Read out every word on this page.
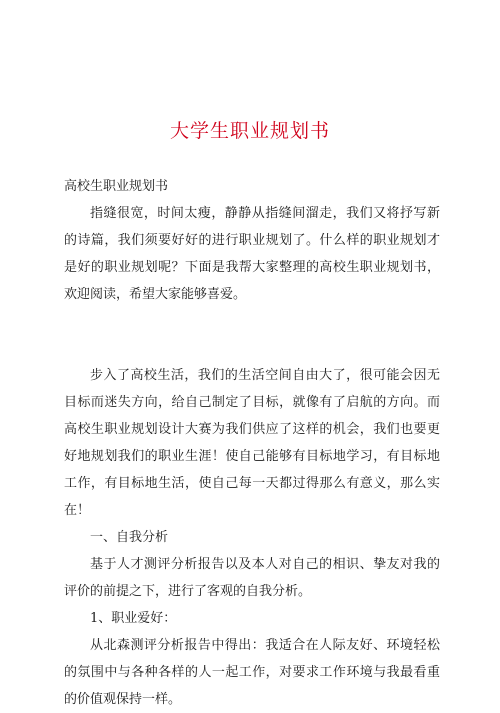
大学生职业规划书

高校生职业规划书

指缝很宽，时间太瘦，静静从指缝间溜走，我们又将抒写新的诗篇，我们须要好好的进行职业规划了。什么样的职业规划才是好的职业规划呢？下面是我帮大家整理的高校生职业规划书，欢迎阅读，希望大家能够喜爱。

步入了高校生活，我们的生活空间自由大了，很可能会因无目标而迷失方向，给自己制定了目标，就像有了启航的方向。而高校生职业规划设计大赛为我们供应了这样的机会，我们也要更好地规划我们的职业生涯！使自己能够有目标地学习，有目标地工作，有目标地生活，使自己每一天都过得那么有意义，那么实在！

一、自我分析

基于人才测评分析报告以及本人对自己的相识、挚友对我的评价的前提之下，进行了客观的自我分析。

1、职业爱好：

从北森测评分析报告中得出：我适合在人际友好、环境轻松的氛围中与各种各样的人一起工作，对要求工作环境与我最看重的价值观保持一样。
